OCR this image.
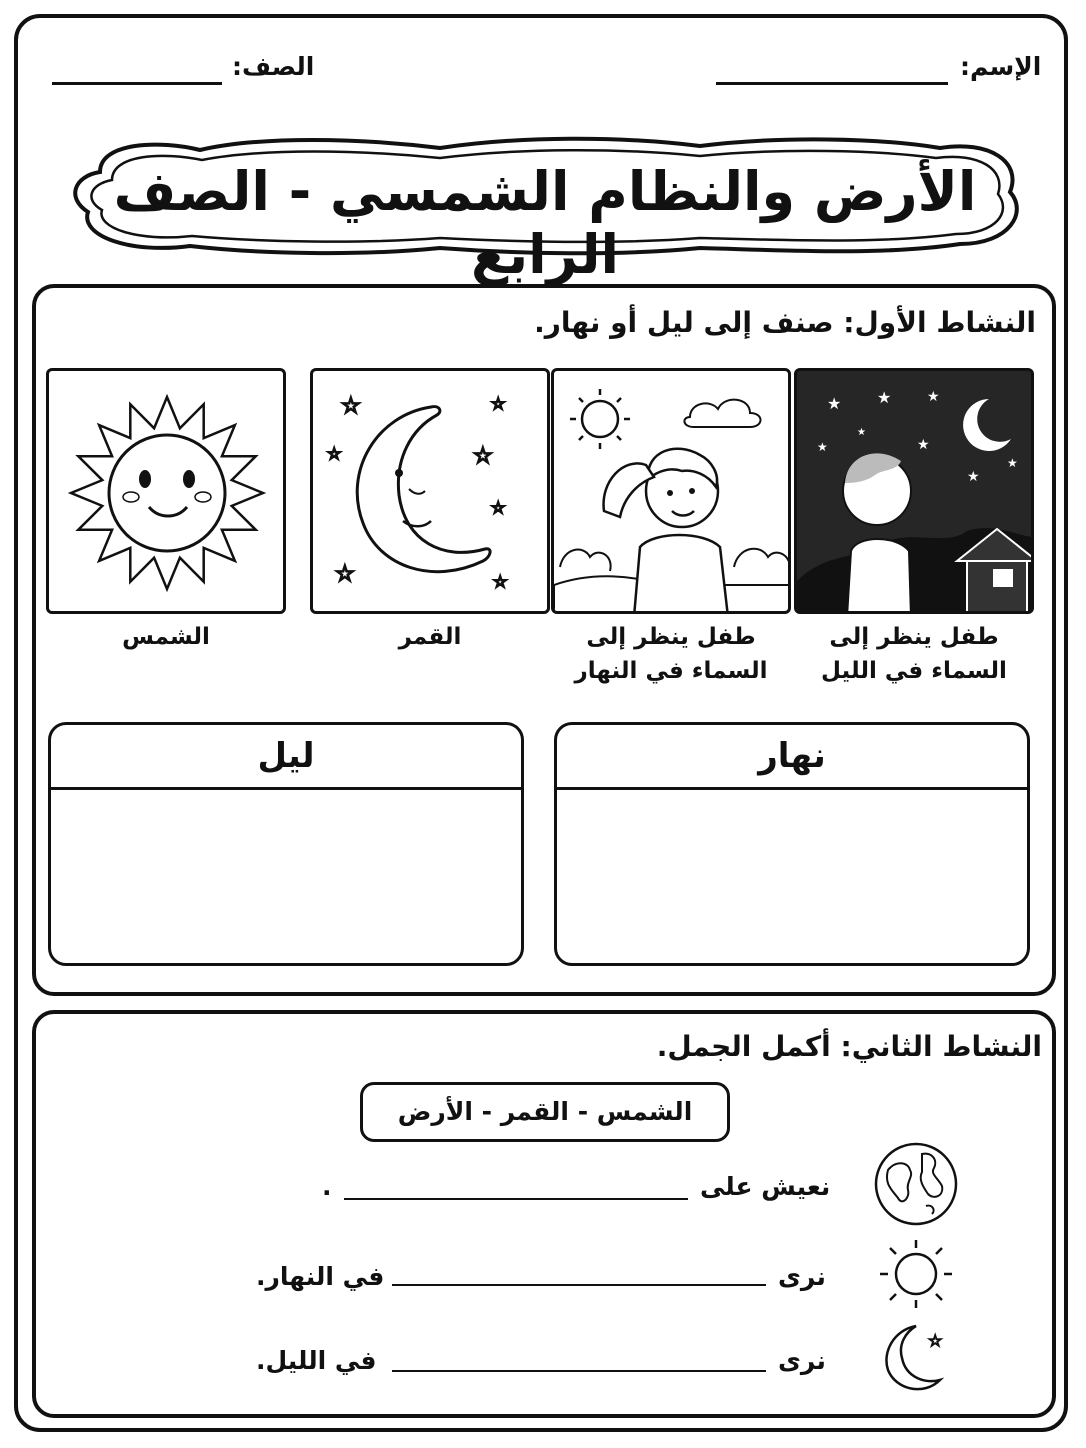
الإسم:
الصف:
الأرض والنظام الشمسي - الصف الرابع
النشاط الأول: صنف إلى ليل أو نهار.
★ ★	★
★	★
★
★
★
طفل ينظر إلى
السماء في الليل
طفل ينظر إلى
السماء في النهار
☆	☆
☆
☆
☆
☆	☆
القمر
الشمس
نهار
ليل
النشاط الثاني: أكمل الجمل.
الشمس - القمر - الأرض
نعيش على
.
نرى
في النهار.
☆
نرى
في الليل.
